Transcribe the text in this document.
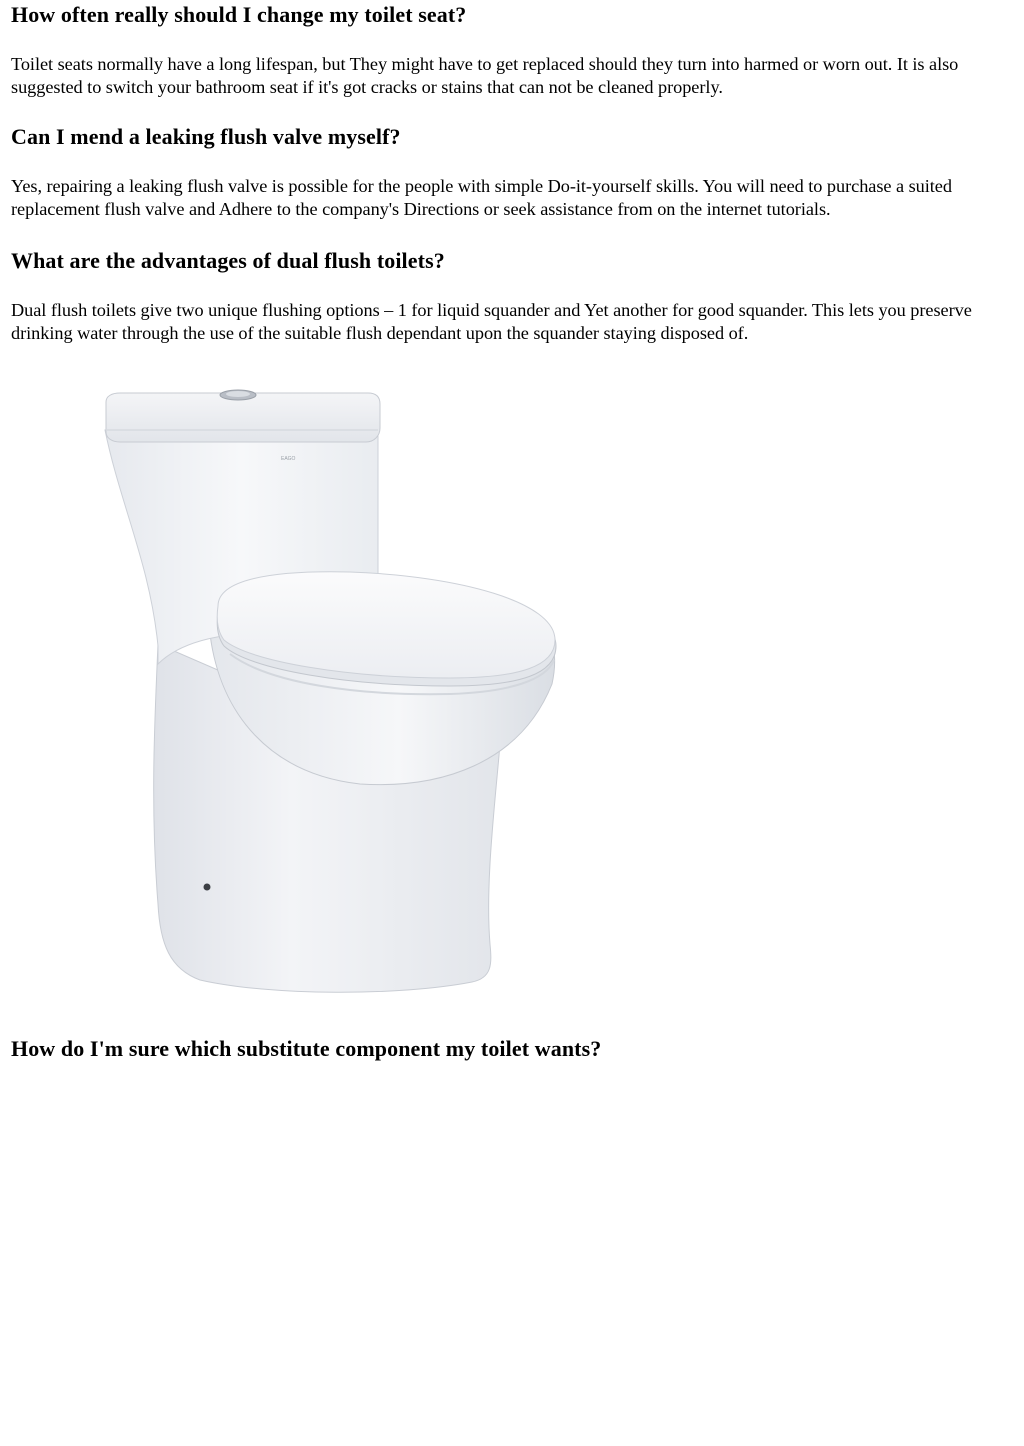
How often really should I change my toilet seat?

Toilet seats normally have a long lifespan, but They might have to get replaced should they turn into harmed or worn out. It is also suggested to switch your bathroom seat if it's got cracks or stains that can not be cleaned properly.

Can I mend a leaking flush valve myself?

Yes, repairing a leaking flush valve is possible for the people with simple Do-it-yourself skills. You will need to purchase a suited replacement flush valve and Adhere to the company's Directions or seek assistance from on the internet tutorials.

What are the advantages of dual flush toilets?

Dual flush toilets give two unique flushing options – 1 for liquid squander and Yet another for good squander. This lets you preserve drinking water through the use of the suitable flush dependant upon the squander staying disposed of.

How do I'm sure which substitute component my toilet wants?
EAGO
